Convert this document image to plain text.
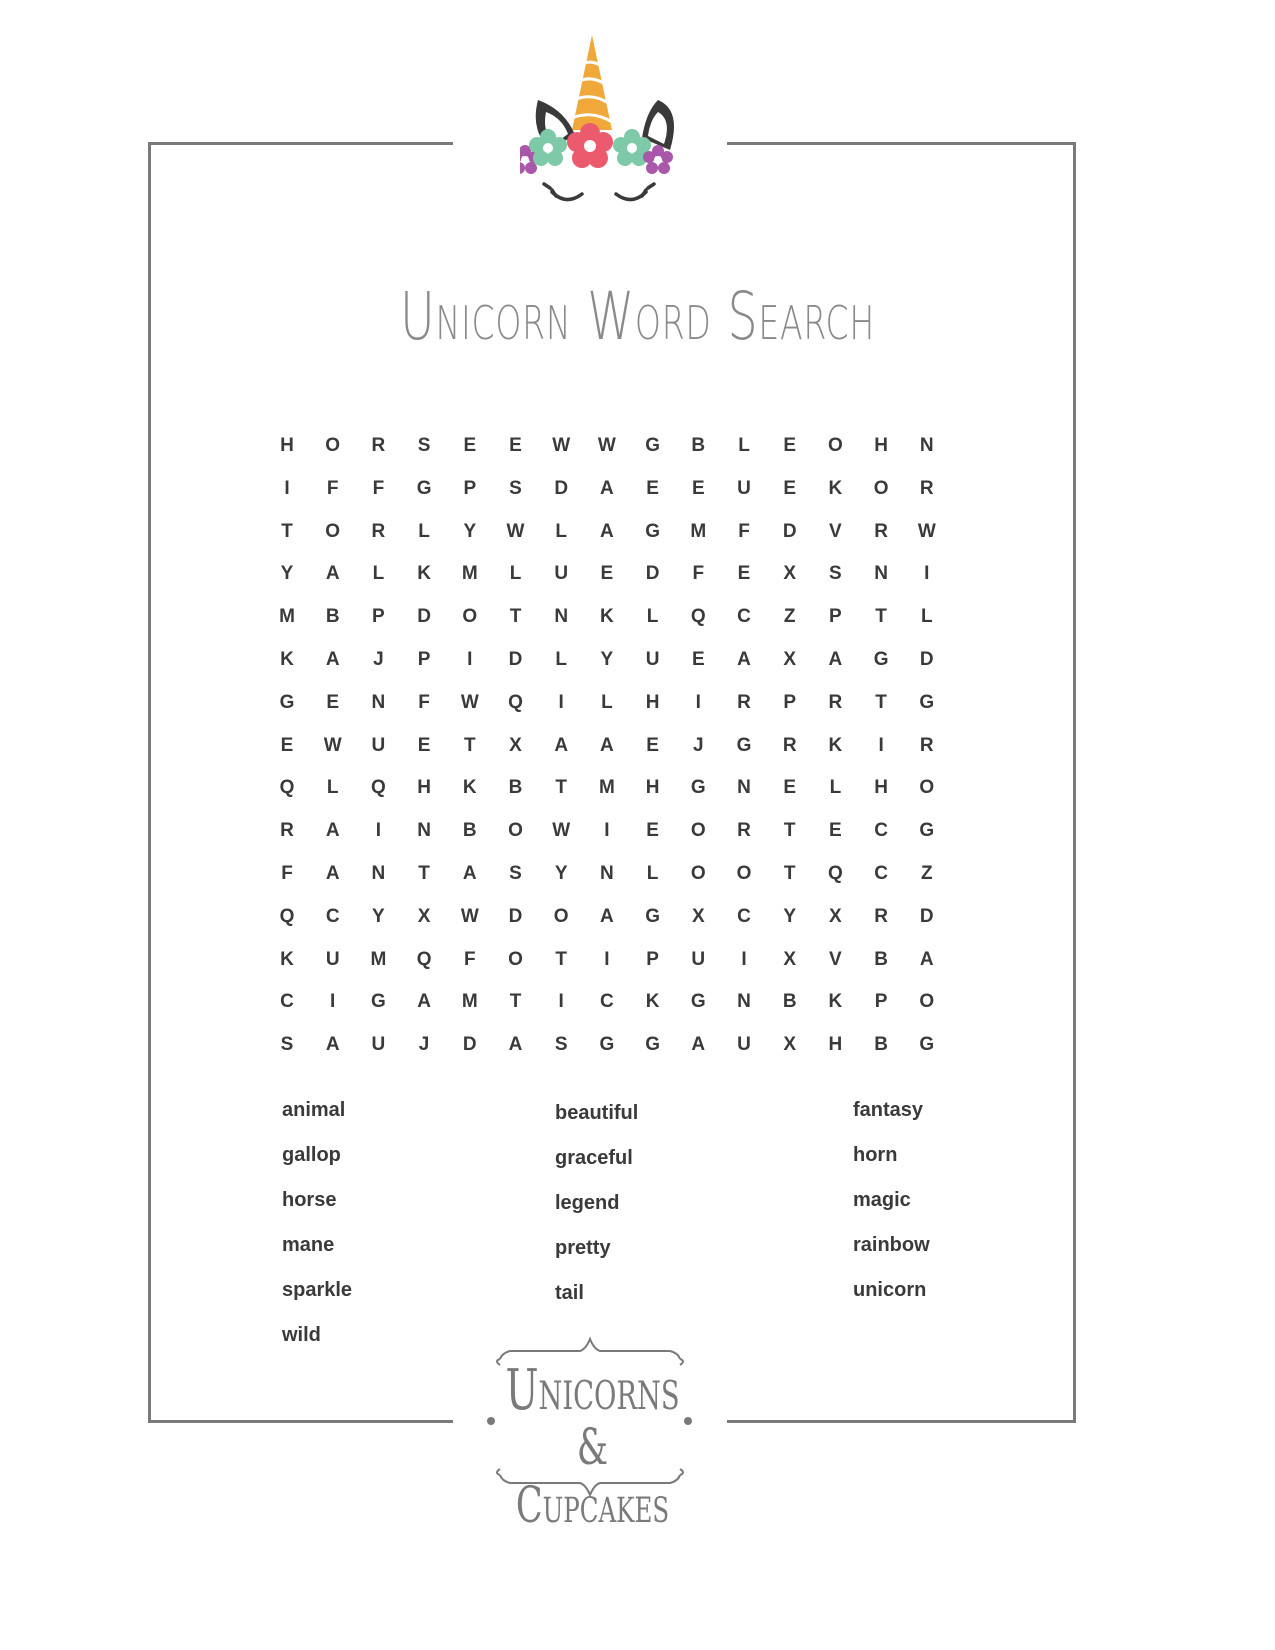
Unicorn Word Search
H	O	R	S	E	E	W	W	G	B	L	E	O	H	N
I	F	F	G	P	S	D	A	E	E	U	E	K	O	R
T	O	R	L	Y	W	L	A	G	M	F	D	V	R	W
Y	A	L	K	M	L	U	E	D	F	E	X	S	N	I
M	B	P	D	O	T	N	K	L	Q	C	Z	P	T	L
K	A	J	P	I	D	L	Y	U	E	A	X	A	G	D
G	E	N	F	W	Q	I	L	H	I	R	P	R	T	G
E	W	U	E	T	X	A	A	E	J	G	R	K	I	R
Q	L	Q	H	K	B	T	M	H	G	N	E	L	H	O
R	A	I	N	B	O	W	I	E	O	R	T	E	C	G
F	A	N	T	A	S	Y	N	L	O	O	T	Q	C	Z
Q	C	Y	X	W	D	O	A	G	X	C	Y	X	R	D
K	U	M	Q	F	O	T	I	P	U	I	X	V	B	A
C	I	G	A	M	T	I	C	K	G	N	B	K	P	O
S	A	U	J	D	A	S	G	G	A	U	X	H	B	G
animal
gallop
horse
mane
sparkle
wild
beautiful
graceful
legend
pretty
tail
fantasy
horn
magic
rainbow
unicorn
Unicorns
& Cupcakes
